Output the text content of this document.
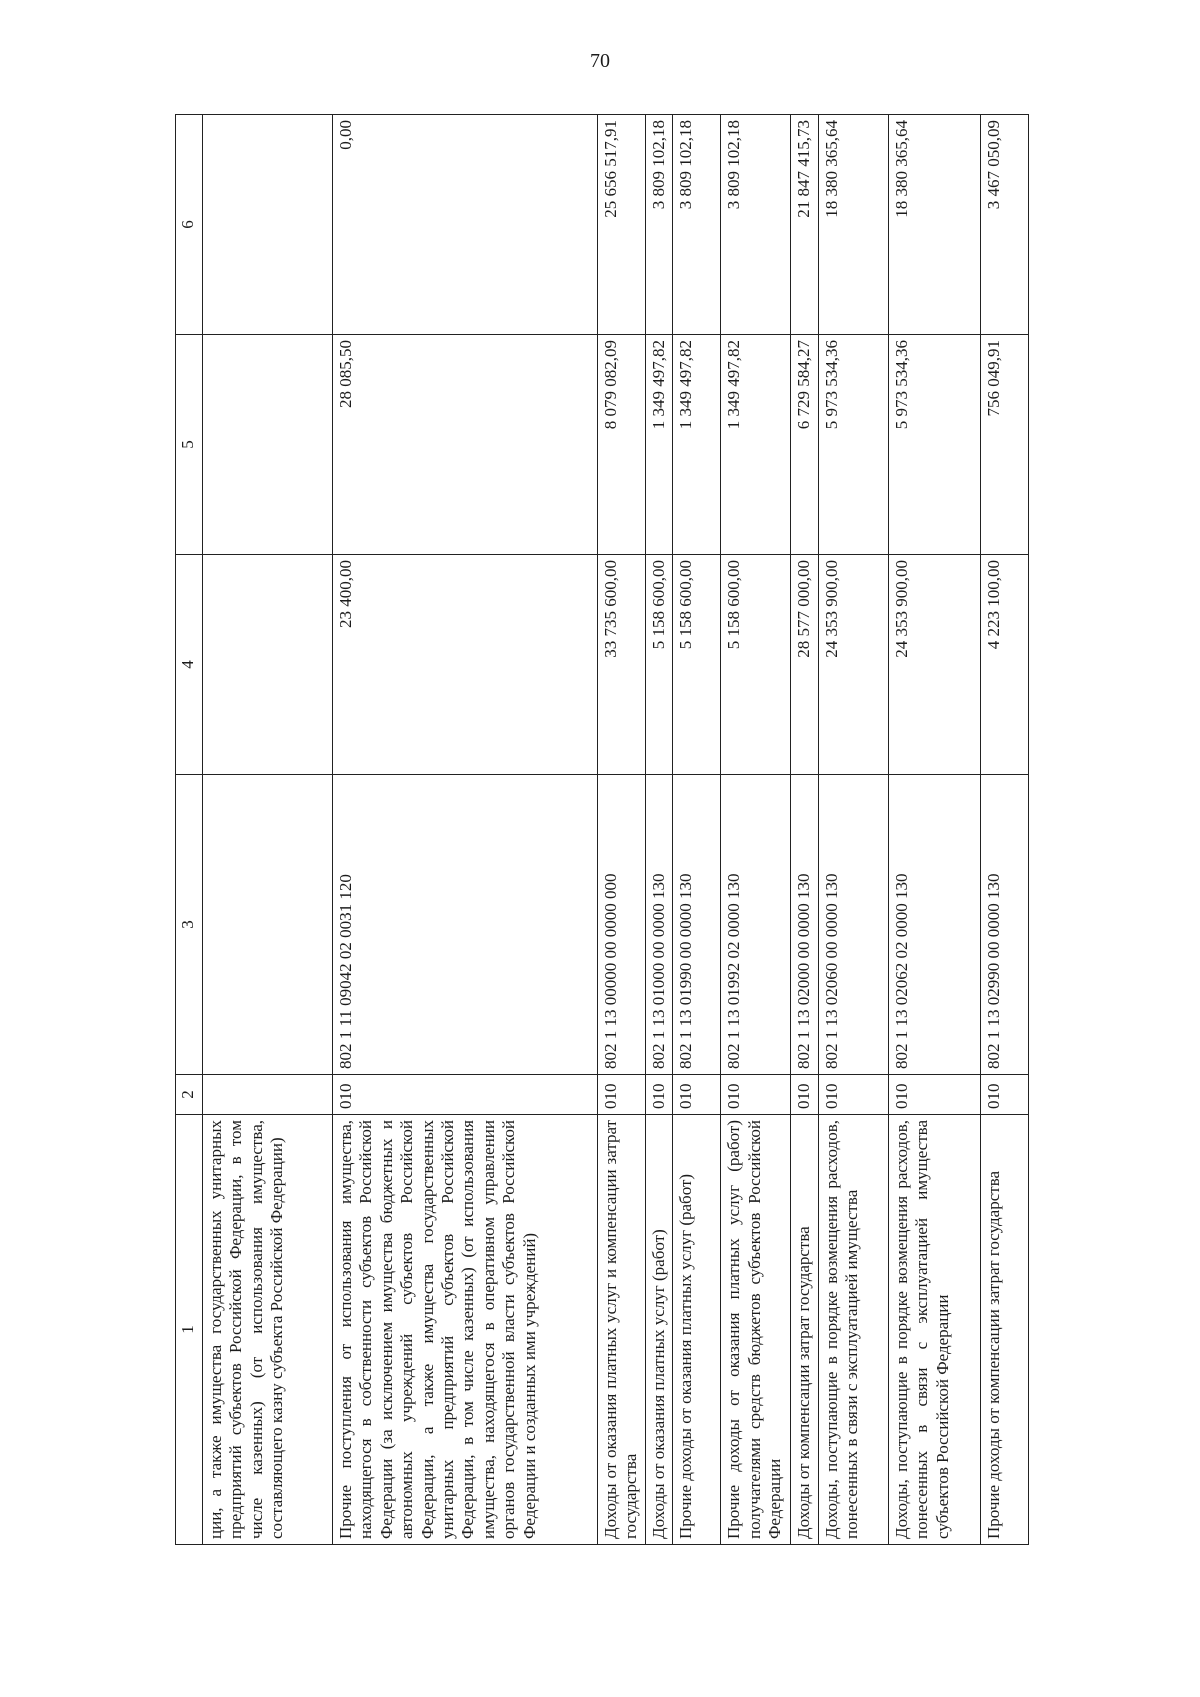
70
1	2	3	4	5	6
ции, а также имущества государственных унитарных предприятий субъектов Российской Федерации, в том числе казенных) (от использования имущества, составляющего казну субъекта Российской Федерации)					
Прочие поступления от использования имущества, находящегося в собственности субъектов Российской Федерации (за исключением имущества бюджетных и автономных учреждений субъектов Российской Федерации, а также имущества государственных унитарных предприятий субъектов Российской Федерации, в том числе казенных) (от использования имущества, находящегося в оперативном управлении органов государственной власти субъектов Российской Федерации и созданных ими учреждений)	010	802 1 11 09042 02 0031 120	23 400,00	28 085,50	0,00
Доходы от оказания платных услуг и компенсации затрат государства	010	802 1 13 00000 00 0000 000	33 735 600,00	8 079 082,09	25 656 517,91
Доходы от оказания платных услуг (работ)	010	802 1 13 01000 00 0000 130	5 158 600,00	1 349 497,82	3 809 102,18
Прочие доходы от оказания платных услуг (работ)	010	802 1 13 01990 00 0000 130	5 158 600,00	1 349 497,82	3 809 102,18
Прочие доходы от оказания платных услуг (работ) получателями средств бюджетов субъектов Российской Федерации	010	802 1 13 01992 02 0000 130	5 158 600,00	1 349 497,82	3 809 102,18
Доходы от компенсации затрат государства	010	802 1 13 02000 00 0000 130	28 577 000,00	6 729 584,27	21 847 415,73
Доходы, поступающие в порядке возмещения расходов, понесенных в связи с эксплуатацией имущества	010	802 1 13 02060 00 0000 130	24 353 900,00	5 973 534,36	18 380 365,64
Доходы, поступающие в порядке возмещения расходов, понесенных в связи с эксплуатацией имущества субъектов Российской Федерации	010	802 1 13 02062 02 0000 130	24 353 900,00	5 973 534,36	18 380 365,64
Прочие доходы от компенсации затрат государства	010	802 1 13 02990 00 0000 130	4 223 100,00	756 049,91	3 467 050,09
